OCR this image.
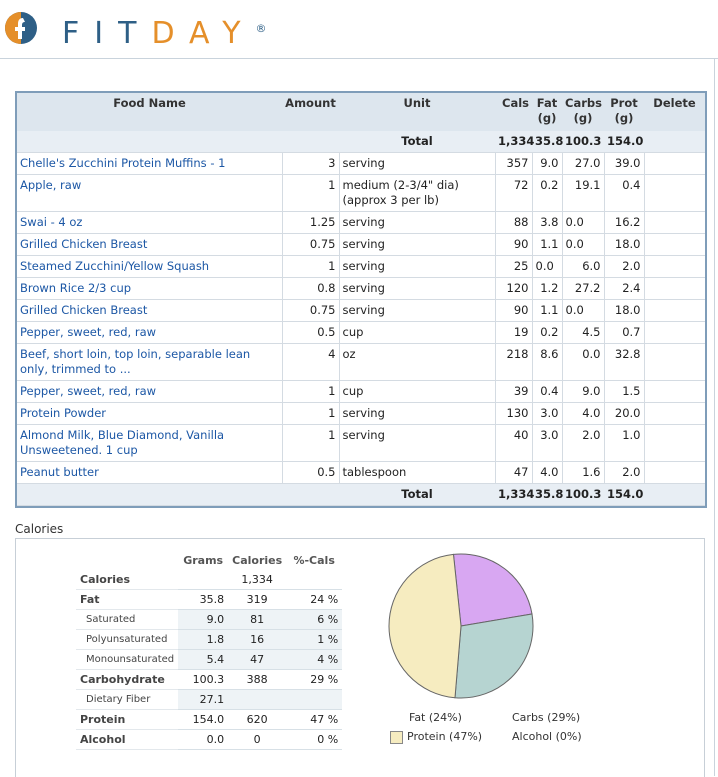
FITDAY®
Food Name	Amount	Unit	Cals	Fat (g)	Carbs (g)	Prot (g)	Delete
		Total	1,334	35.8	100.3	154.0	
Chelle's Zucchini Protein Muffins - 1	3	serving	357	9.0	27.0	39.0	
Apple, raw	1	medium (2-3/4" dia) (approx 3 per lb)	72	0.2	19.1	0.4	
Swai - 4 oz	1.25	serving	88	3.8	0.0	16.2	
Grilled Chicken Breast	0.75	serving	90	1.1	0.0	18.0	
Steamed Zucchini/Yellow Squash	1	serving	25	0.0	6.0	2.0	
Brown Rice 2/3 cup	0.8	serving	120	1.2	27.2	2.4	
Grilled Chicken Breast	0.75	serving	90	1.1	0.0	18.0	
Pepper, sweet, red, raw	0.5	cup	19	0.2	4.5	0.7	
Beef, short loin, top loin, separable lean only, trimmed to ...	4	oz	218	8.6	0.0	32.8	
Pepper, sweet, red, raw	1	cup	39	0.4	9.0	1.5	
Protein Powder	1	serving	130	3.0	4.0	20.0	
Almond Milk, Blue Diamond, Vanilla Unsweetened. 1 cup	1	serving	40	3.0	2.0	1.0	
Peanut butter	0.5	tablespoon	47	4.0	1.6	2.0	
		Total	1,334	35.8	100.3	154.0	
Calories
	Grams	Calories	%-Cals
Calories		1,334	
Fat	35.8	319	24 %
Saturated	9.0	81	6 %
Polyunsaturated	1.8	16	1 %
Monounsaturated	5.4	47	4 %
Carbohydrate	100.3	388	29 %
Dietary Fiber	27.1		
Protein	154.0	620	47 %
Alcohol	0.0	0	0 %
Fat (24%)	Carbs (29%)
Protein (47%)	Alcohol (0%)
